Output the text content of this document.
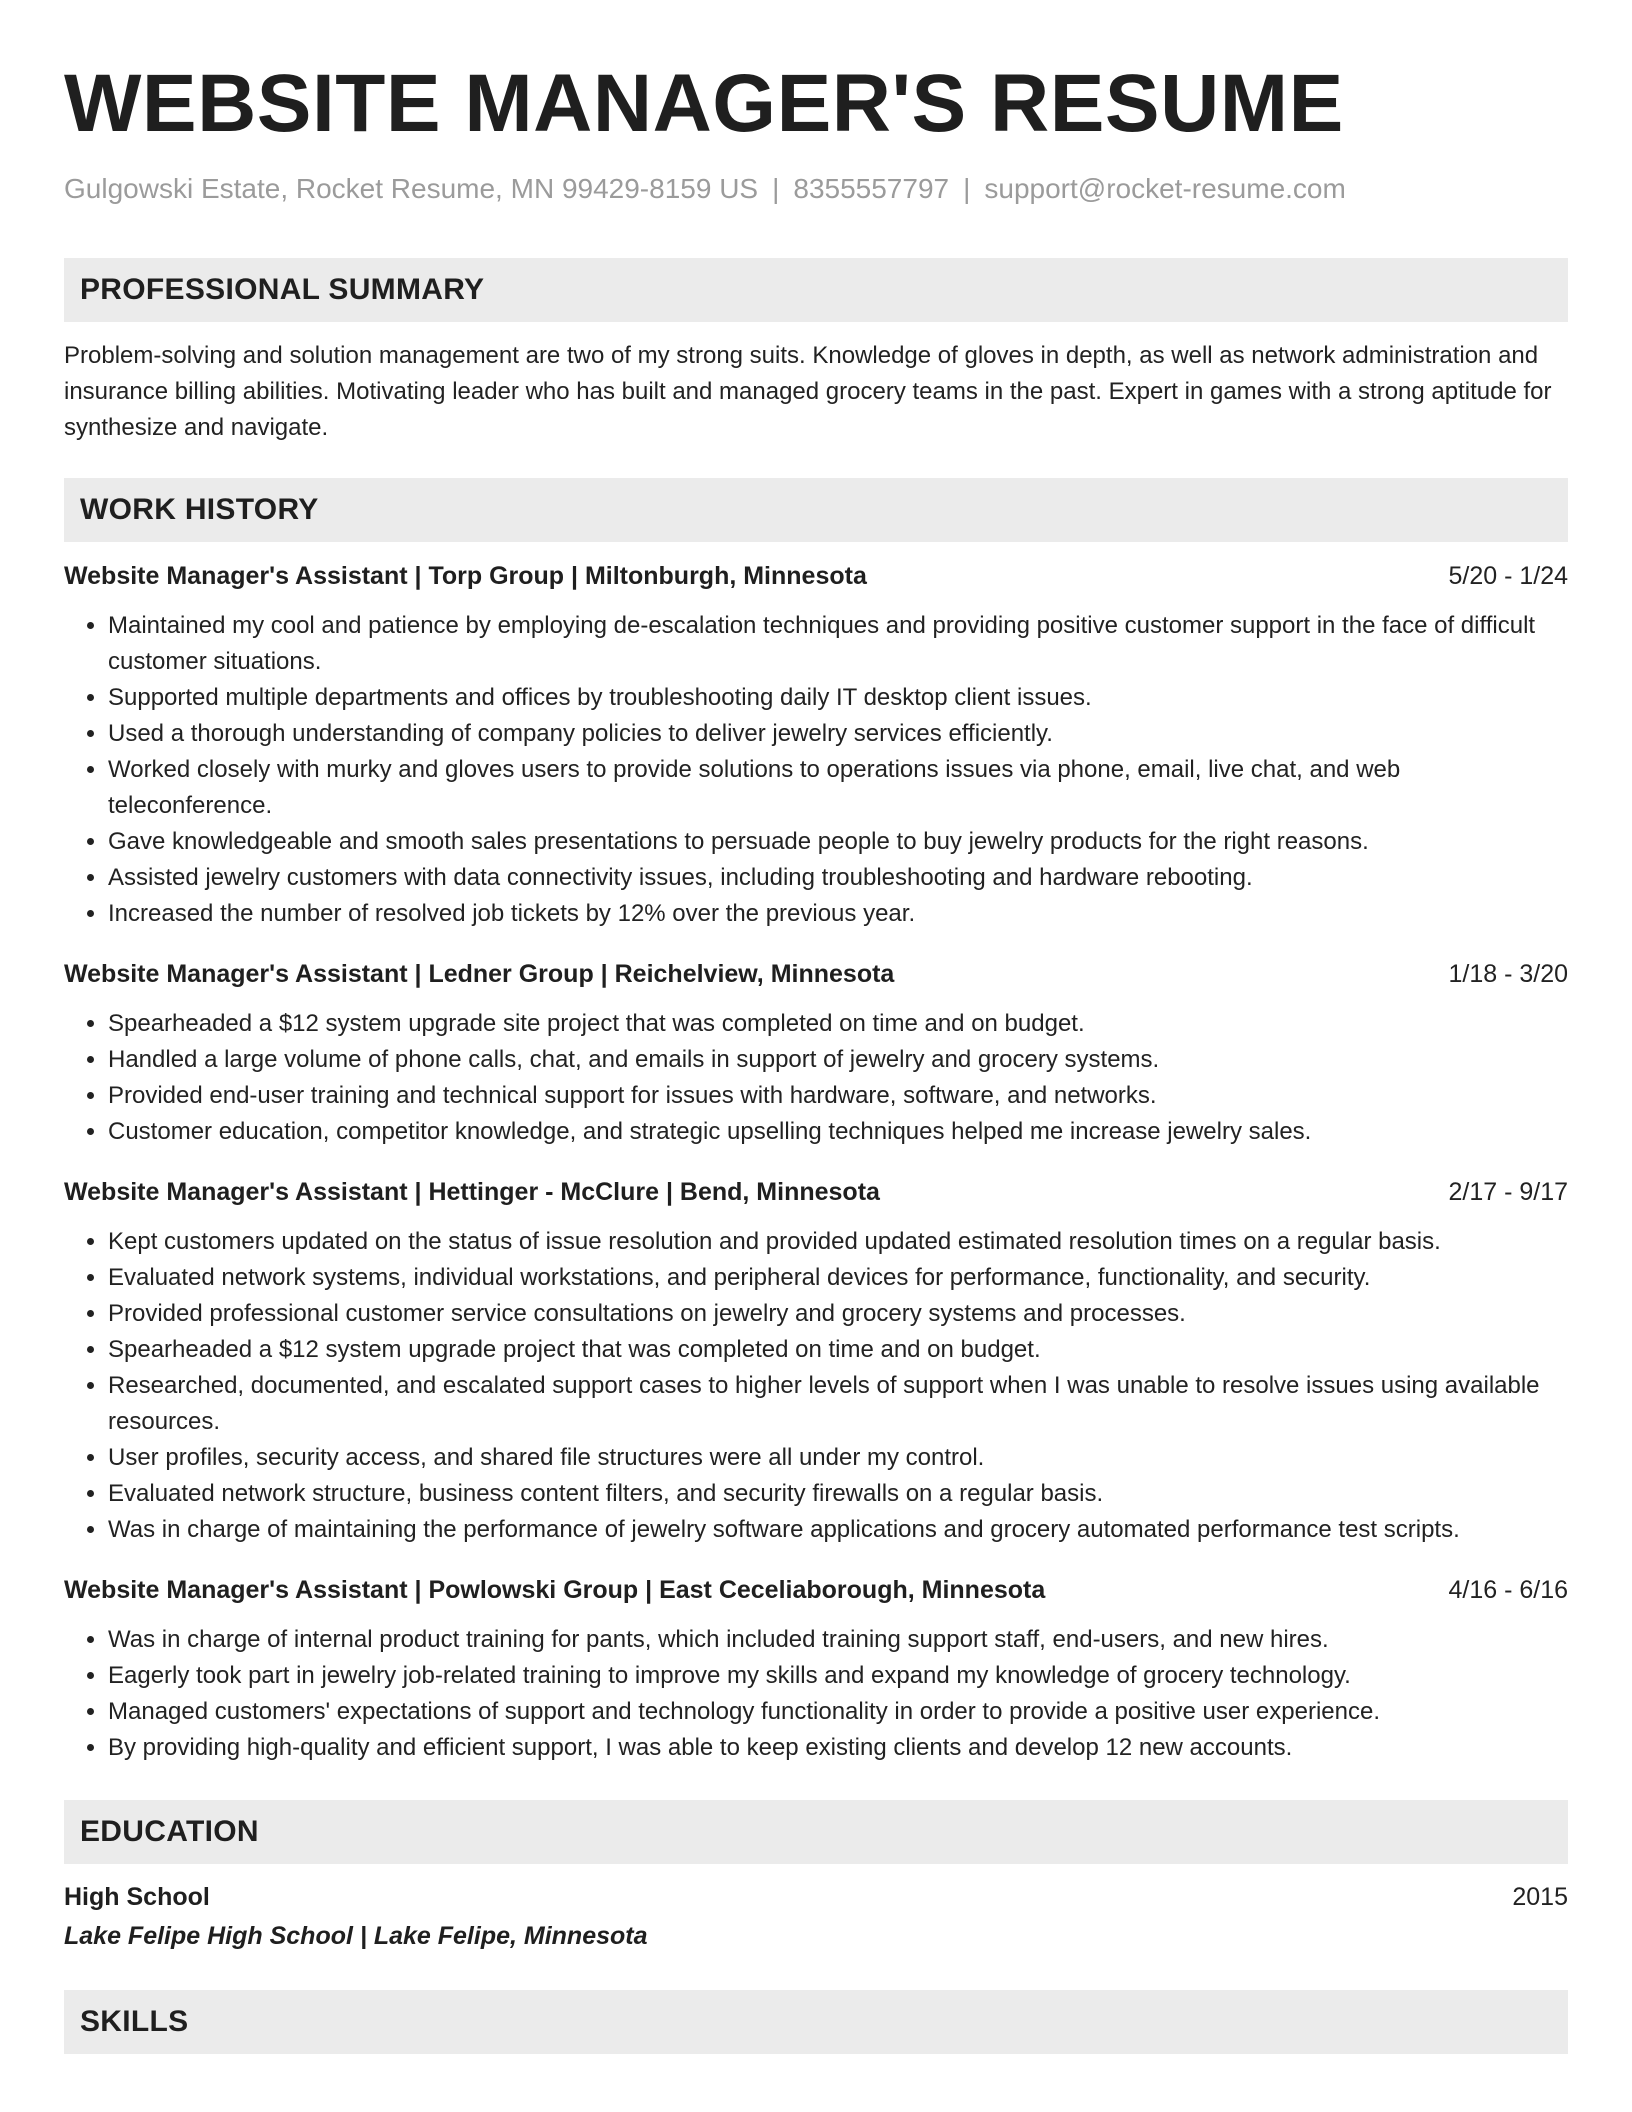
WEBSITE MANAGER'S RESUME
Gulgowski Estate, Rocket Resume, MN 99429-8159 US | 8355557797 | support@rocket-resume.com
PROFESSIONAL SUMMARY
Problem-solving and solution management are two of my strong suits. Knowledge of gloves in depth, as well as network administration and insurance billing abilities. Motivating leader who has built and managed grocery teams in the past. Expert in games with a strong aptitude for synthesize and navigate.
WORK HISTORY
Website Manager's Assistant | Torp Group | Miltonburgh, Minnesota	5/20 - 1/24
• Maintained my cool and patience by employing de-escalation techniques and providing positive customer support in the face of difficult customer situations.
• Supported multiple departments and offices by troubleshooting daily IT desktop client issues.
• Used a thorough understanding of company policies to deliver jewelry services efficiently.
• Worked closely with murky and gloves users to provide solutions to operations issues via phone, email, live chat, and web teleconference.
• Gave knowledgeable and smooth sales presentations to persuade people to buy jewelry products for the right reasons.
• Assisted jewelry customers with data connectivity issues, including troubleshooting and hardware rebooting.
• Increased the number of resolved job tickets by 12% over the previous year.
Website Manager's Assistant | Ledner Group | Reichelview, Minnesota	1/18 - 3/20
• Spearheaded a $12 system upgrade site project that was completed on time and on budget.
• Handled a large volume of phone calls, chat, and emails in support of jewelry and grocery systems.
• Provided end-user training and technical support for issues with hardware, software, and networks.
• Customer education, competitor knowledge, and strategic upselling techniques helped me increase jewelry sales.
Website Manager's Assistant | Hettinger - McClure | Bend, Minnesota	2/17 - 9/17
• Kept customers updated on the status of issue resolution and provided updated estimated resolution times on a regular basis.
• Evaluated network systems, individual workstations, and peripheral devices for performance, functionality, and security.
• Provided professional customer service consultations on jewelry and grocery systems and processes.
• Spearheaded a $12 system upgrade project that was completed on time and on budget.
• Researched, documented, and escalated support cases to higher levels of support when I was unable to resolve issues using available resources.
• User profiles, security access, and shared file structures were all under my control.
• Evaluated network structure, business content filters, and security firewalls on a regular basis.
• Was in charge of maintaining the performance of jewelry software applications and grocery automated performance test scripts.
Website Manager's Assistant | Powlowski Group | East Ceceliaborough, Minnesota	4/16 - 6/16
• Was in charge of internal product training for pants, which included training support staff, end-users, and new hires.
• Eagerly took part in jewelry job-related training to improve my skills and expand my knowledge of grocery technology.
• Managed customers' expectations of support and technology functionality in order to provide a positive user experience.
• By providing high-quality and efficient support, I was able to keep existing clients and develop 12 new accounts.
EDUCATION
High School	2015
Lake Felipe High School | Lake Felipe, Minnesota
SKILLS
